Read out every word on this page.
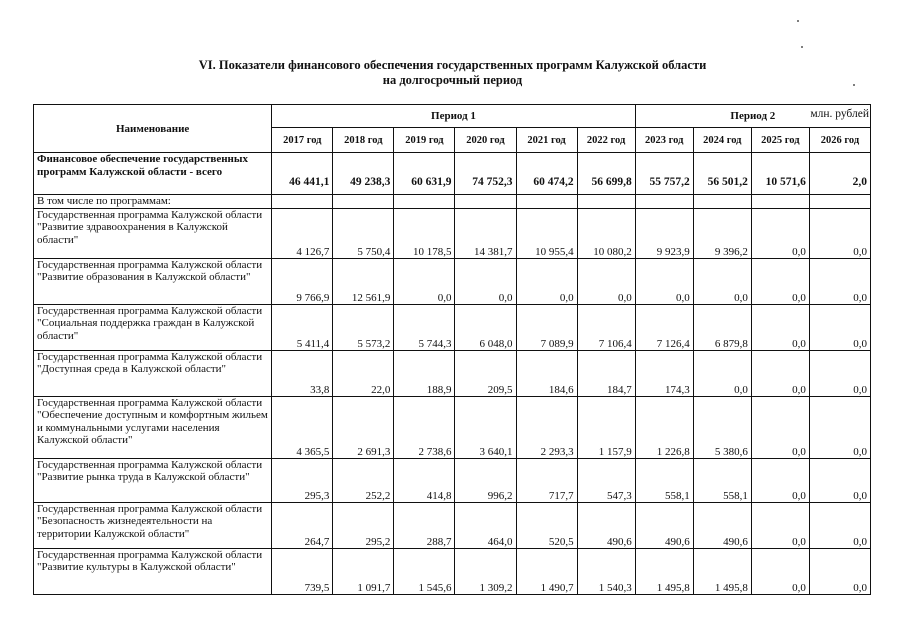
VI. Показатели финансового обеспечения государственных программ Калужской области
на долгосрочный период
млн. рублей
Наименование	Период 1						Период 2			
	2017 год	2018 год	2019 год	2020 год	2021 год	2022 год	2023 год	2024 год	2025 год	2026 год
Финансовое обеспечение государственных программ Калужской области - всего	46 441,1	49 238,3	60 631,9	74 752,3	60 474,2	56 699,8	55 757,2	56 501,2	10 571,6	2,0
В том числе по программам:										
Государственная программа Калужской области "Развитие здравоохранения в Калужской области"	4 126,7	5 750,4	10 178,5	14 381,7	10 955,4	10 080,2	9 923,9	9 396,2	0,0	0,0
Государственная программа Калужской области "Развитие образования в Калужской области"	9 766,9	12 561,9	0,0	0,0	0,0	0,0	0,0	0,0	0,0	0,0
Государственная программа Калужской области "Социальная поддержка граждан в Калужской области"	5 411,4	5 573,2	5 744,3	6 048,0	7 089,9	7 106,4	7 126,4	6 879,8	0,0	0,0
Государственная программа Калужской области "Доступная среда в Калужской области"	33,8	22,0	188,9	209,5	184,6	184,7	174,3	0,0	0,0	0,0
Государственная программа Калужской области "Обеспечение доступным и комфортным жильем и коммунальными услугами населения Калужской области"	4 365,5	2 691,3	2 738,6	3 640,1	2 293,3	1 157,9	1 226,8	5 380,6	0,0	0,0
Государственная программа Калужской области "Развитие рынка труда в Калужской области"	295,3	252,2	414,8	996,2	717,7	547,3	558,1	558,1	0,0	0,0
Государственная программа Калужской области "Безопасность жизнедеятельности на территории Калужской области"	264,7	295,2	288,7	464,0	520,5	490,6	490,6	490,6	0,0	0,0
Государственная программа Калужской области "Развитие культуры в Калужской области"	739,5	1 091,7	1 545,6	1 309,2	1 490,7	1 540,3	1 495,8	1 495,8	0,0	0,0
